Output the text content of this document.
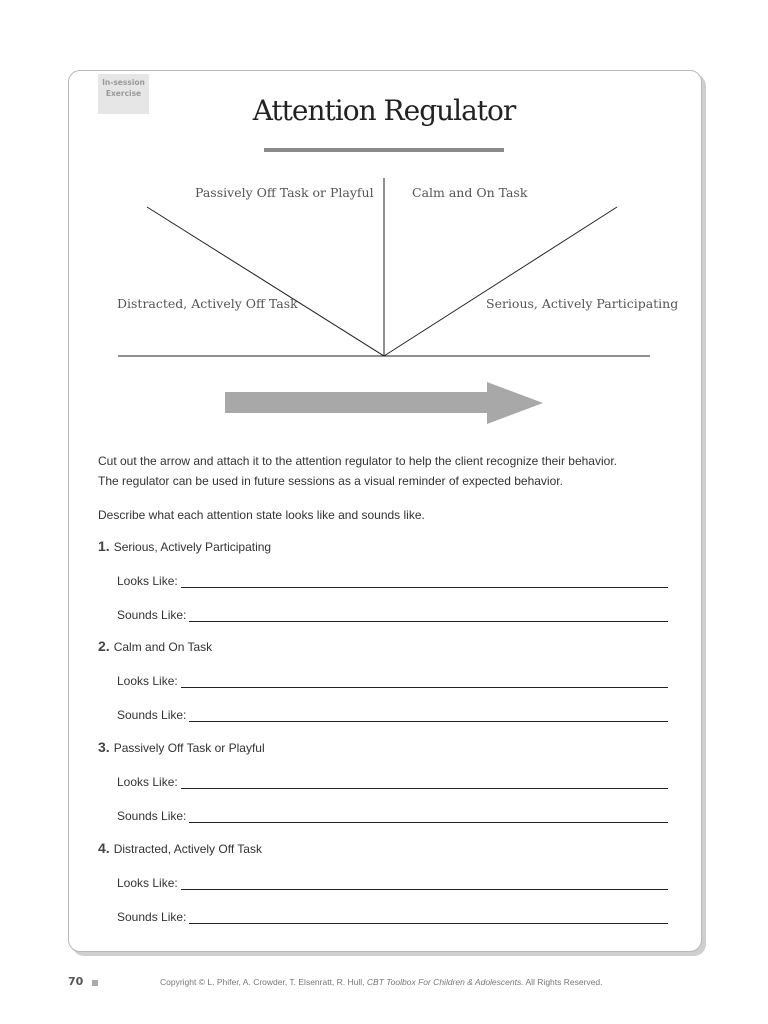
In-session
Exercise
Attention Regulator
Passively Off Task or Playful	Calm and On Task
Distracted, Actively Off Task	Serious, Actively Participating
Cut out the arrow and attach it to the attention regulator to help the client recognize their behavior.
The regulator can be used in future sessions as a visual reminder of expected behavior.
Describe what each attention state looks like and sounds like.
1. Serious, Actively Participating
Looks Like:
Sounds Like:
2. Calm and On Task
Looks Like:
Sounds Like:
3. Passively Off Task or Playful
Looks Like:
Sounds Like:
4. Distracted, Actively Off Task
Looks Like:
Sounds Like:
70	Copyright © L. Phifer, A. Crowder, T. Elsenratt, R. Hull, CBT Toolbox For Children & Adolescents. All Rights Reserved.
